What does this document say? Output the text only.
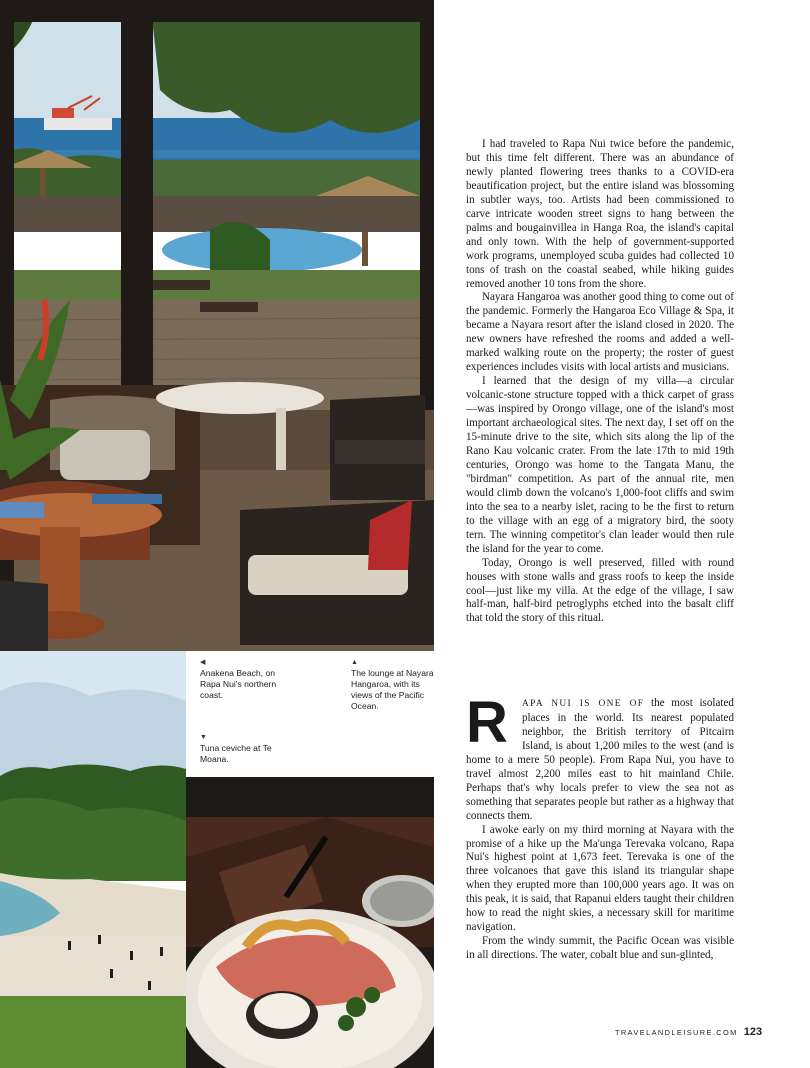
◀
Anakena Beach, on Rapa Nui's northern coast.
▲
The lounge at Nayara Hangaroa, with its views of the Pacific Ocean.
▼
Tuna ceviche at Te Moana.

I had traveled to Rapa Nui twice before the pandemic, but this time felt different. There was an abundance of newly planted flowering trees thanks to a COVID-era beautification project, but the entire island was blossoming in subtler ways, too. Artists had been commissioned to carve intricate wooden street signs to hang between the palms and bougainvillea in Hanga Roa, the island's capital and only town. With the help of government-supported work programs, unemployed scuba guides had collected 10 tons of trash on the coastal seabed, while hiking guides removed another 10 tons from the shore.

Nayara Hangaroa was another good thing to come out of the pandemic. Formerly the Hangaroa Eco Village & Spa, it became a Nayara resort after the island closed in 2020. The new owners have refreshed the rooms and added a well-marked walking route on the property; the roster of guest experiences includes visits with local artists and musicians.

I learned that the design of my villa—a circular volcanic-stone structure topped with a thick carpet of grass—was inspired by Orongo village, one of the island's most important archaeological sites. The next day, I set off on the 15-minute drive to the site, which sits along the lip of the Rano Kau volcanic crater. From the late 17th to mid 19th centuries, Orongo was home to the Tangata Manu, the "birdman" competition. As part of the annual rite, men would climb down the volcano's 1,000-foot cliffs and swim into the sea to a nearby islet, racing to be the first to return to the village with an egg of a migratory bird, the sooty tern. The winning competitor's clan leader would then rule the island for the year to come.

Today, Orongo is well preserved, filled with round houses with stone walls and grass roofs to keep the inside cool—just like my villa. At the edge of the village, I saw half-man, half-bird petroglyphs etched into the basalt cliff that told the story of this ritual.

R	APA NUI IS ONE OF the most isolated places in the world. Its nearest populated neighbor, the British territory of Pitcairn Island, is about 1,200 miles to the west (and is home to a mere 50 people). From Rapa Nui, you have to travel almost 2,200 miles east to hit mainland Chile. Perhaps that's why locals prefer to view the sea not as something that separates people but rather as a highway that connects them.

I awoke early on my third morning at Nayara with the promise of a hike up the Ma'unga Terevaka volcano, Rapa Nui's highest point at 1,673 feet. Terevaka is one of the three volcanoes that gave this island its triangular shape when they erupted more than 100,000 years ago. It was on this peak, it is said, that Rapanui elders taught their children how to read the night skies, a necessary skill for maritime navigation.

From the windy summit, the Pacific Ocean was visible in all directions. The water, cobalt blue and sun-glinted,

TRAVELANDLEISURE.COM 123
